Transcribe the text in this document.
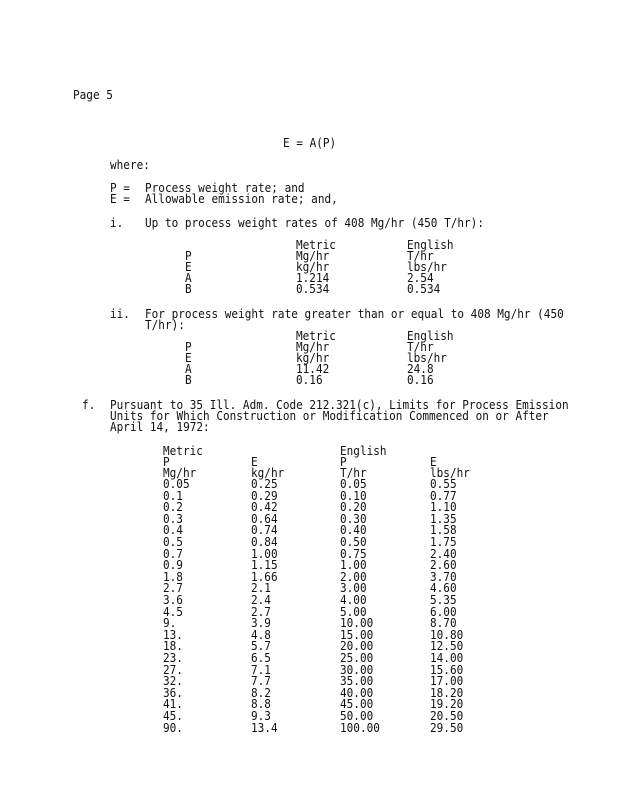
Page 5
E = A(P)
where:
P = Process weight rate; and
E = Allowable emission rate; and,
i. Up to process weight rates of 408 Mg/hr (450 T/hr):
Metric	English
P	Mg/hr	T/hr
E	kg/hr	lbs/hr
A	1.214	2.54
B	0.534	0.534
ii. For process weight rate greater than or equal to 408 Mg/hr (450
T/hr):
Metric	English
P	Mg/hr	T/hr
E	kg/hr	lbs/hr
A	11.42	24.8
B	0.16	0.16
f. Pursuant to 35 Ill. Adm. Code 212.321(c), Limits for Process Emission
Units for Which Construction or Modification Commenced on or After
April 14, 1972:
Metric	English
P	E	P	E
Mg/hr	kg/hr	T/hr	lbs/hr
0.05	0.25	0.05	0.55
0.1	0.29	0.10	0.77
0.2	0.42	0.20	1.10
0.3	0.64	0.30	1.35
0.4	0.74	0.40	1.58
0.5	0.84	0.50	1.75
0.7	1.00	0.75	2.40
0.9	1.15	1.00	2.60
1.8	1.66	2.00	3.70
2.7	2.1	3.00	4.60
3.6	2.4	4.00	5.35
4.5	2.7	5.00	6.00
9.	3.9	10.00	8.70
13.	4.8	15.00	10.80
18.	5.7	20.00	12.50
23.	6.5	25.00	14.00
27.	7.1	30.00	15.60
32.	7.7	35.00	17.00
36.	8.2	40.00	18.20
41.	8.8	45.00	19.20
45.	9.3	50.00	20.50
90.	13.4	100.00	29.50
